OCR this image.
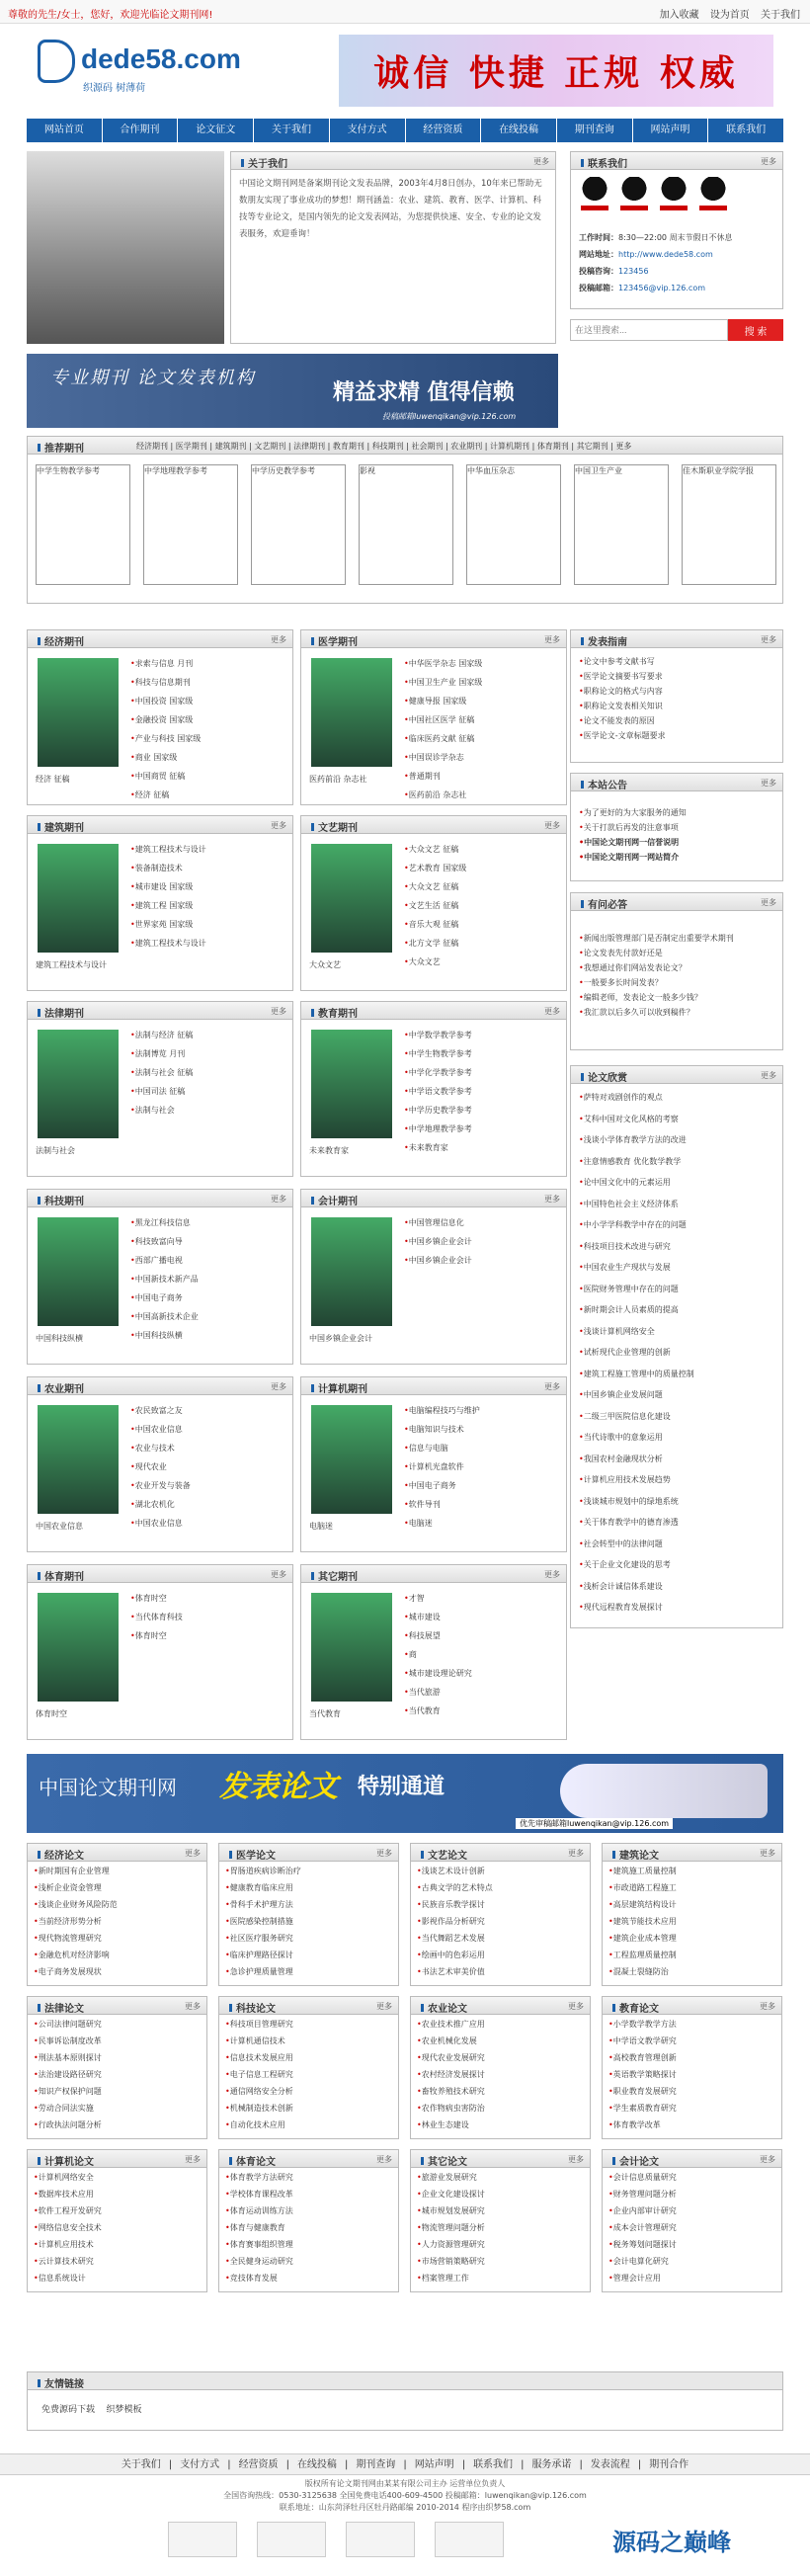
尊敬的先生/女士，您好，欢迎光临论文期刊网!	加入收藏 设为首页 关于我们
dede58.com
织源码 树薄荷	诚信 快捷 正规 权威
网站首页	合作期刊	论文征文	关于我们	支付方式	经营资质	在线投稿	期刊查询	网站声明	联系我们
关于我们	更多
中国论文期刊网是备案期刊论文发表品牌，2003年4月8日创办，10年来已帮助无数朋友实现了事业成功的梦想！期刊涵盖：农业、建筑、教育、医学、计算机、科技等专业论文，是国内领先的论文发表网站，为您提供快速、安全、专业的论文发表服务，欢迎垂询！
联系我们	更多
工作时间：8:30—22:00 周末节假日不休息
网站地址：http://www.dede58.com
投稿咨询：123456
投稿邮箱：123456@vip.126.com
在这里搜索...
搜 索
专业期刊 论文发表机构
精益求精 值得信赖
投稿邮箱luwenqikan@vip.126.com
推荐期刊	经济期刊 | 医学期刊 | 建筑期刊 | 文艺期刊 | 法律期刊 | 教育期刊 | 科技期刊 | 社会期刊 | 农业期刊 | 计算机期刊 | 体育期刊 | 其它期刊 | 更多
中学生物教学参考	中学地理教学参考	中学历史教学参考	影视	中华血压杂志	中国卫生产业	佳木斯职业学院学报
经济期刊	更多
经济 征稿
• 求索与信息 月刊
• 科技与信息期刊
• 中国投资 国家级
• 金融投资 国家级
• 产业与科技 国家级
• 商业 国家级
• 中国商贸 征稿
• 经济 征稿
医学期刊	更多
医药前沿 杂志社
• 中华医学杂志 国家级
• 中国卫生产业 国家级
• 健康导报 国家级
• 中国社区医学 征稿
• 临床医药文献 征稿
• 中国误诊学杂志
• 普通期刊
• 医药前沿 杂志社
建筑期刊	更多
建筑工程技术与设计
• 建筑工程技术与设计
• 装备制造技术
• 城市建设 国家级
• 建筑工程 国家级
• 世界家苑 国家级
• 建筑工程技术与设计
文艺期刊	更多
大众文艺
• 大众文艺 征稿
• 艺术教育 国家级
• 大众文艺 征稿
• 文艺生活 征稿
• 音乐大观 征稿
• 北方文学 征稿
• 大众文艺
法律期刊	更多
法制与社会
• 法制与经济 征稿
• 法制博览 月刊
• 法制与社会 征稿
• 中国司法 征稿
• 法制与社会
教育期刊	更多
未来教育家
• 中学数学教学参考
• 中学生物教学参考
• 中学化学教学参考
• 中学语文教学参考
• 中学历史教学参考
• 中学地理教学参考
• 未来教育家
科技期刊	更多
中国科技纵横
• 黑龙江科技信息
• 科技致富向导
• 西部广播电视
• 中国新技术新产品
• 中国电子商务
• 中国高新技术企业
• 中国科技纵横
会计期刊	更多
中国乡镇企业会计
• 中国管理信息化
• 中国乡镇企业会计
• 中国乡镇企业会计
农业期刊	更多
中国农业信息
• 农民致富之友
• 中国农业信息
• 农业与技术
• 现代农业
• 农业开发与装备
• 湖北农机化
• 中国农业信息
计算机期刊	更多
电脑迷
• 电脑编程技巧与维护
• 电脑知识与技术
• 信息与电脑
• 计算机光盘软件
• 中国电子商务
• 软件导刊
• 电脑迷
体育期刊	更多
体育时空
• 体育时空
• 当代体育科技
• 体育时空
其它期刊	更多
当代教育
• 才智
• 城市建设
• 科技展望
• 商
• 城市建设理论研究
• 当代旅游
• 当代教育
发表指南	更多
• 论文中参考文献书写
• 医学论文摘要书写要求
• 职称论文的格式与内容
• 职称论文发表相关知识
• 论文不能发表的原因
• 医学论文-文章标题要求
本站公告	更多
• 为了更好的为大家服务的通知
• 关于打款后再发的注意事项
• 中国论文期刊网一信誉说明
• 中国论文期刊网一网站简介
有问必答	更多
• 新闻出版管理部门是否制定出重要学术期刊
• 论文发表先付款好还是
• 我想通过你们网站发表论文？
• 一般要多长时间发表？
• 编辑老师，发表论文一般多少钱？
• 我汇款以后多久可以收到稿件？
论文欣赏	更多
• 萨特对戏剧创作的观点
• 艾科中国对文化风格的考察
• 浅谈小学体育教学方法的改进
• 注意情感教育 优化数学教学
• 论中国文化中的元素运用
• 中国特色社会主义经济体系
• 中小学学科教学中存在的问题
• 科技项目技术改进与研究
• 中国农业生产现状与发展
• 医院财务管理中存在的问题
• 新时期会计人员素质的提高
• 浅谈计算机网络安全
• 试析现代企业管理的创新
• 建筑工程施工管理中的质量控制
• 中国乡镇企业发展问题
• 二级三甲医院信息化建设
• 当代诗歌中的意象运用
• 我国农村金融现状分析
• 计算机应用技术发展趋势
• 浅谈城市规划中的绿地系统
• 关于体育教学中的德育渗透
• 社会转型中的法律问题
• 关于企业文化建设的思考
• 浅析会计诚信体系建设
• 现代远程教育发展探讨
中国论文期刊网 发表论文 特别通道
优先审稿邮箱luwenqikan@vip.126.com
经济论文	更多
• 新时期国有企业管理
• 浅析企业资金管理
• 浅谈企业财务风险防范
• 当前经济形势分析
• 现代物流管理研究
• 金融危机对经济影响
• 电子商务发展现状
医学论文	更多
• 胃肠道疾病诊断治疗
• 健康教育临床应用
• 骨科手术护理方法
• 医院感染控制措施
• 社区医疗服务研究
• 临床护理路径探讨
• 急诊护理质量管理
文艺论文	更多
• 浅谈艺术设计创新
• 古典文学的艺术特点
• 民族音乐教学探讨
• 影视作品分析研究
• 当代舞蹈艺术发展
• 绘画中的色彩运用
• 书法艺术审美价值
建筑论文	更多
• 建筑施工质量控制
• 市政道路工程施工
• 高层建筑结构设计
• 建筑节能技术应用
• 建筑企业成本管理
• 工程监理质量控制
• 混凝土裂缝防治
法律论文	更多
• 公司法律问题研究
• 民事诉讼制度改革
• 刑法基本原则探讨
• 法治建设路径研究
• 知识产权保护问题
• 劳动合同法实施
• 行政执法问题分析
科技论文	更多
• 科技项目管理研究
• 计算机通信技术
• 信息技术发展应用
• 电子信息工程研究
• 通信网络安全分析
• 机械制造技术创新
• 自动化技术应用
农业论文	更多
• 农业技术推广应用
• 农业机械化发展
• 现代农业发展研究
• 农村经济发展探讨
• 畜牧养殖技术研究
• 农作物病虫害防治
• 林业生态建设
教育论文	更多
• 小学数学教学方法
• 中学语文教学研究
• 高校教育管理创新
• 英语教学策略探讨
• 职业教育发展研究
• 学生素质教育研究
• 体育教学改革
计算机论文	更多
• 计算机网络安全
• 数据库技术应用
• 软件工程开发研究
• 网络信息安全技术
• 计算机应用技术
• 云计算技术研究
• 信息系统设计
体育论文	更多
• 体育教学方法研究
• 学校体育课程改革
• 体育运动训练方法
• 体育与健康教育
• 体育赛事组织管理
• 全民健身运动研究
• 竞技体育发展
其它论文	更多
• 旅游业发展研究
• 企业文化建设探讨
• 城市规划发展研究
• 物流管理问题分析
• 人力资源管理研究
• 市场营销策略研究
• 档案管理工作
会计论文	更多
• 会计信息质量研究
• 财务管理问题分析
• 企业内部审计研究
• 成本会计管理研究
• 税务筹划问题探讨
• 会计电算化研究
• 管理会计应用
友情链接
免费源码下载 织梦模板
关于我们 | 支付方式 | 经营资质 | 在线投稿 | 期刊查询 | 网站声明 | 联系我们 | 服务承诺 | 发表流程 | 期刊合作
版权所有论文期刊网由某某有限公司主办 运营单位负责人
全国咨询热线：0530-3125638 全国免费电话400-609-4500 投稿邮箱：luwenqikan@vip.126.com
联系地址：山东菏泽牡丹区牡丹路邮编 2010-2014 程序由织梦58.com
源码之巅峰
